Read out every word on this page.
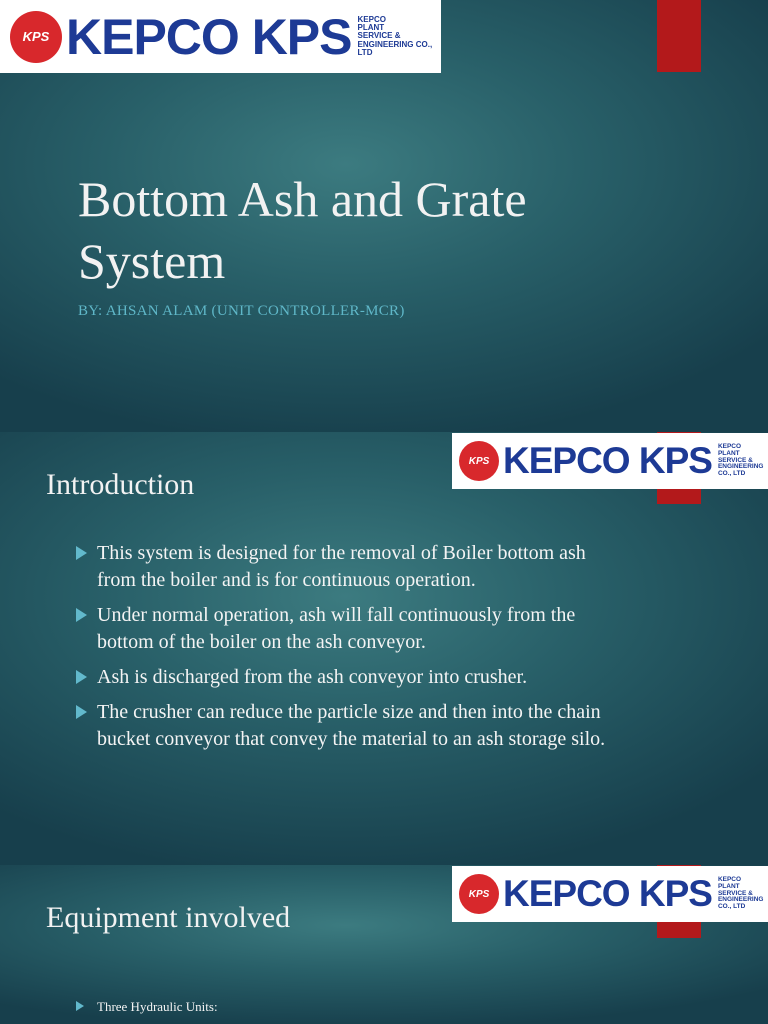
KPS KEPCO KPS KEPCO
PLANT
SERVICE & ENGINEERING CO., LTD
Bottom Ash and Grate System

BY: AHSAN ALAM (UNIT CONTROLLER-MCR)

KPS KEPCO KPS KEPCO
PLANT
SERVICE & ENGINEERING CO., LTD
Introduction
This system is designed for the removal of Boiler bottom ash from the boiler and is for continuous operation.
Under normal operation, ash will fall continuously from the bottom of the boiler on the ash conveyor.
Ash is discharged from the ash conveyor into crusher.
The crusher can reduce the particle size and then into the chain bucket conveyor that convey the material to an ash storage silo.
KPS KEPCO KPS KEPCO
PLANT
SERVICE & ENGINEERING CO., LTD
Equipment involved
Three Hydraulic Units:
